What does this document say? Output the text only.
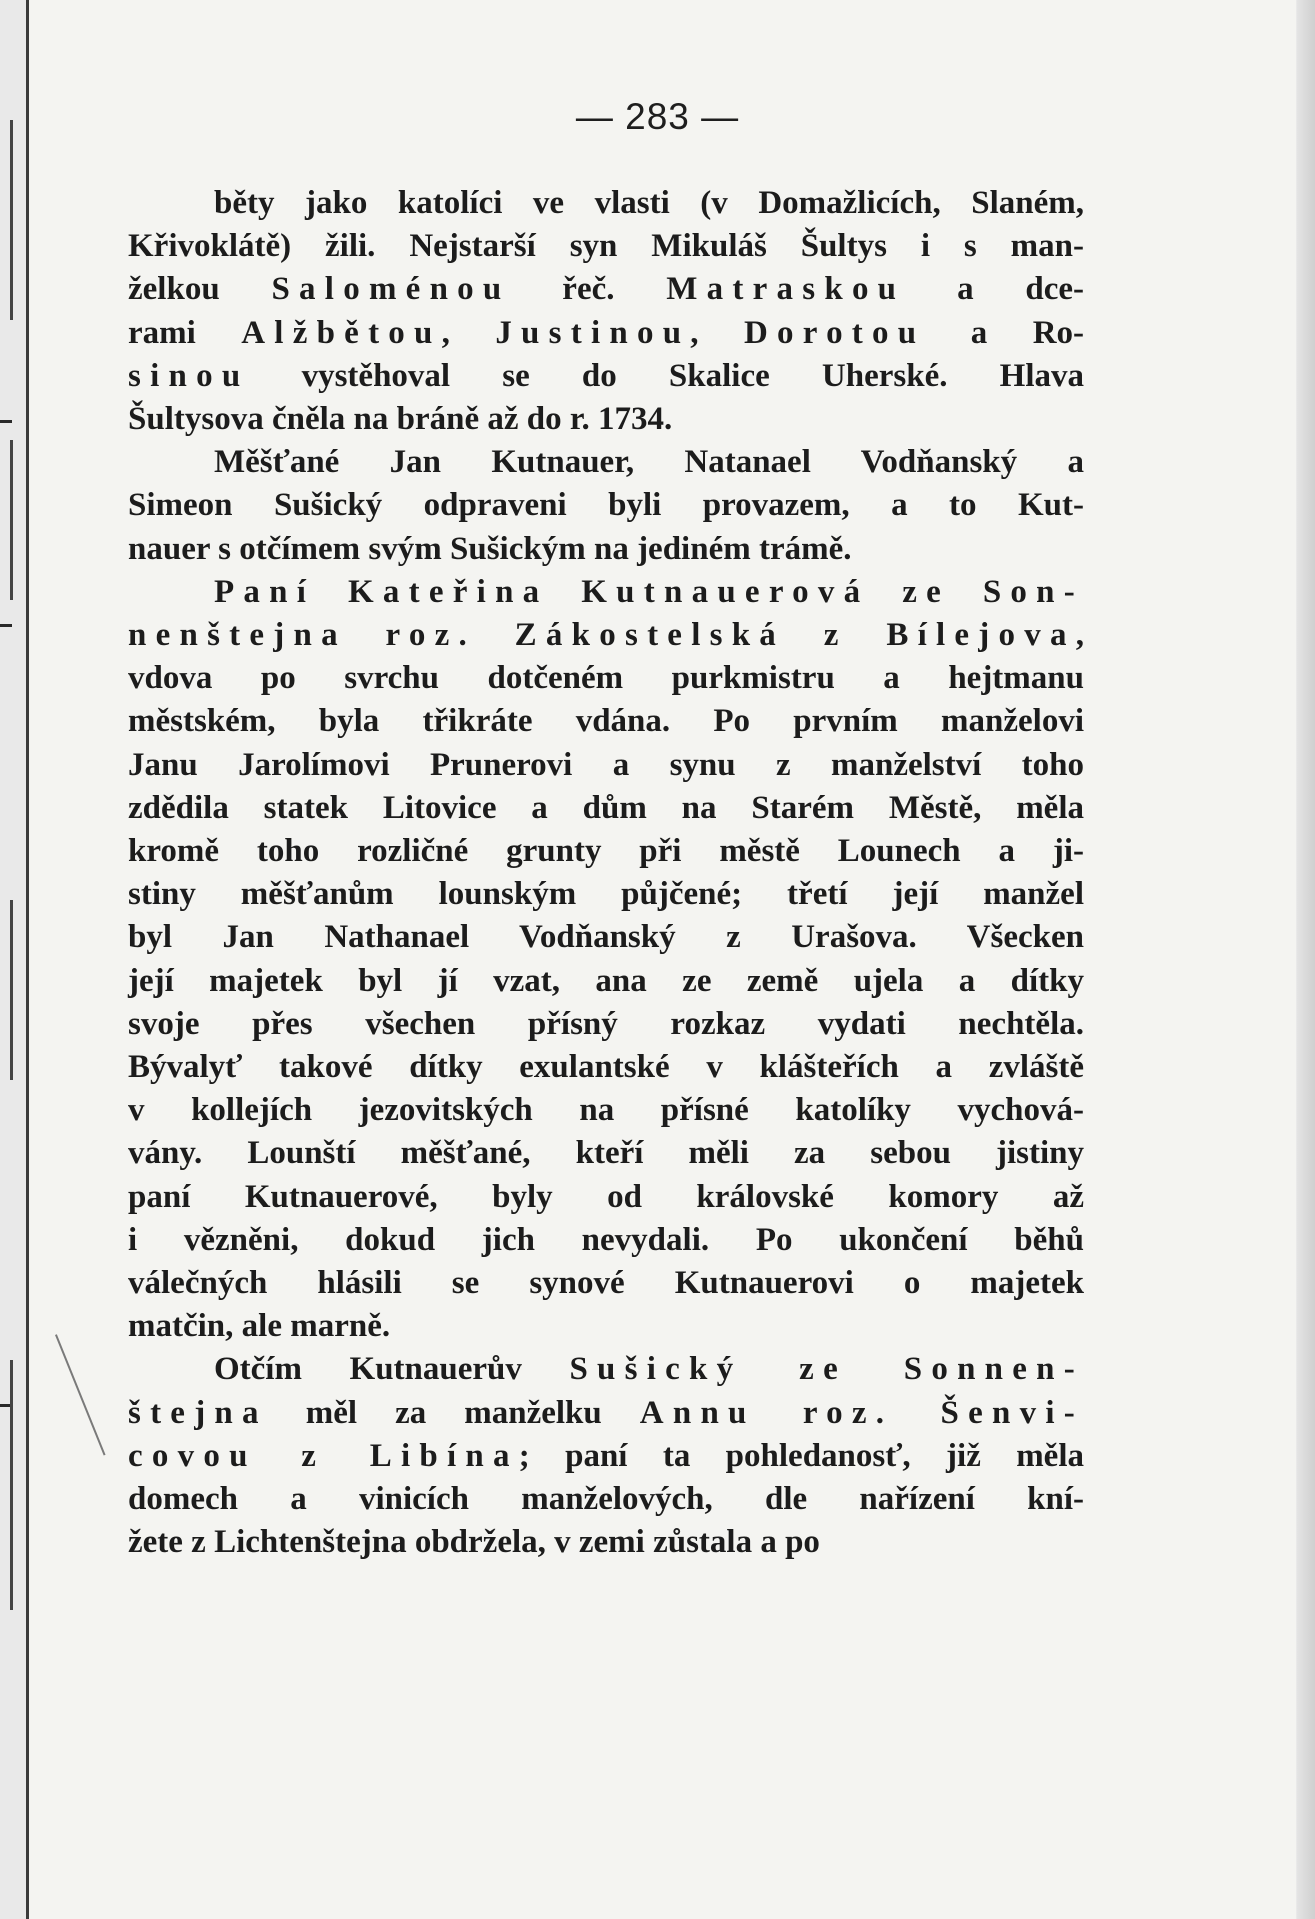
— 283 —

běty jako katolíci ve vlasti (v Domažlicích, Slaném,

Křivoklátě) žili. Nejstarší syn Mikuláš Šultys i s man-

želkou Saloménou řeč. Matraskou a dce-

rami Alžbětou, Justinou, Dorotou a Ro-

sinou vystěhoval se do Skalice Uherské. Hlava

Šultysova čněla na bráně až do r. 1734.

Měšťané Jan Kutnauer, Natanael Vodňanský a

Simeon Sušický odpraveni byli provazem, a to Kut-

nauer s otčímem svým Sušickým na jediném trámě.

Paní Kateřina Kutnauerová ze Son-

nenštejna roz. Zákostelská z Bílejova,

vdova po svrchu dotčeném purkmistru a hejtmanu

městském, byla třikráte vdána. Po prvním manželovi

Janu Jarolímovi Prunerovi a synu z manželství toho

zdědila statek Litovice a dům na Starém Městě, měla

kromě toho rozličné grunty při městě Lounech a ji-

stiny měšťanům lounským půjčené; třetí její manžel

byl Jan Nathanael Vodňanský z Urašova. Všecken

její majetek byl jí vzat, ana ze země ujela a dítky

svoje přes všechen přísný rozkaz vydati nechtěla.

Bývalyť takové dítky exulantské v klášteřích a zvláště

v kollejích jezovitských na přísné katolíky vychová-

vány. Lounští měšťané, kteří měli za sebou jistiny

paní Kutnauerové, byly od královské komory až

i vězněni, dokud jich nevydali. Po ukončení běhů

válečných hlásili se synové Kutnauerovi o majetek

matčin, ale marně.

Otčím Kutnauerův Sušický ze Sonnen-

štejna měl za manželku Annu roz. Šenvi-

covou z Libína; paní ta pohledanosť, již měla

domech a vinicích manželových, dle nařízení kní-

žete z Lichtenštejna obdržela, v zemi zůstala a po
